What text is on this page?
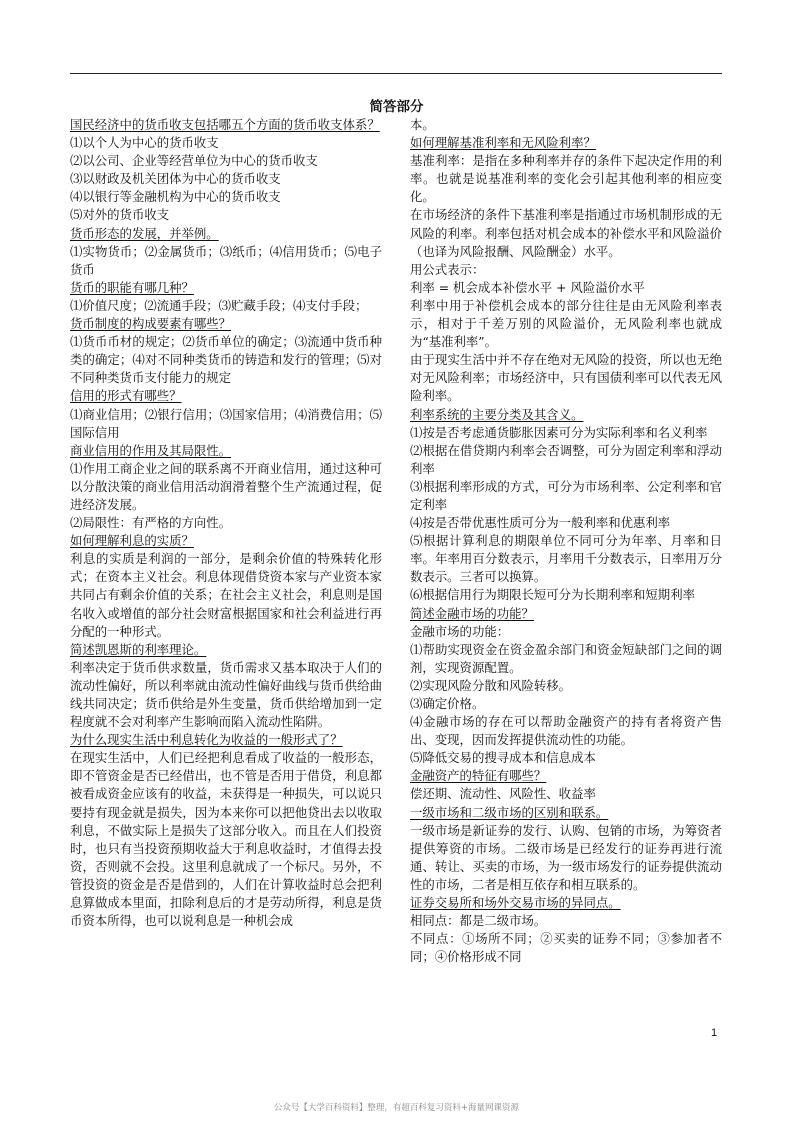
简答部分

国民经济中的货币收支包括哪五个方面的货币收支体系？

⑴以个人为中心的货币收支

⑵以公司、企业等经营单位为中心的货币收支

⑶以财政及机关团体为中心的货币收支

⑷以银行等金融机构为中心的货币收支

⑸对外的货币收支

货币形态的发展，并举例。

⑴实物货币；⑵金属货币；⑶纸币；⑷信用货币；⑸电子货币

货币的职能有哪几种？

⑴价值尺度；⑵流通手段；⑶贮藏手段；⑷支付手段；

货币制度的构成要素有哪些？

⑴货币币材的规定；⑵货币单位的确定；⑶流通中货币种类的确定；⑷对不同种类货币的铸造和发行的管理；⑸对不同种类货币支付能力的规定

信用的形式有哪些？

⑴商业信用；⑵银行信用；⑶国家信用；⑷消费信用；⑸国际信用

商业信用的作用及其局限性。

⑴作用工商企业之间的联系离不开商业信用，通过这种可以分散決策的商业信用活动润滑着整个生产流通过程，促进经济发展。

⑵局限性：有严格的方向性。

如何理解利息的实质？

利息的实质是利润的一部分，是剩余价值的特殊转化形式；在资本主义社会。利息体现借贷资本家与产业资本家共同占有剩余价值的关系；在社会主义社会，利息则是国名收入或增值的部分社会财富根据国家和社会利益进行再分配的一种形式。

简述凯恩斯的利率理论。

利率决定于货币供求数量，货币需求又基本取决于人们的流动性偏好，所以利率就由流动性偏好曲线与货币供给曲线共同决定；货币供给是外生变量，货币供给增加到一定程度就不会对利率产生影响而陷入流动性陷阱。

为什么现实生活中利息转化为收益的一般形式了？

在现实生活中，人们已经把利息看成了收益的一般形态，即不管资金是否已经借出，也不管是否用于借贷，利息都被看成资金应该有的收益，未获得是一种损失，可以说只要持有现金就是损失，因为本来你可以把他贷出去以收取利息，不做实际上是损失了这部分收入。而且在人们投资时，也只有当投资预期收益大于利息收益时，才值得去投资，否则就不会投。这里利息就成了一个标尺。另外，不管投资的资金是否是借到的，人们在计算收益时总会把利息算做成本里面，扣除利息后的才是劳动所得，利息是货币资本所得，也可以说利息是一种机会成

本。

如何理解基准利率和无风险利率？

基准利率：是指在多种利率并存的条件下起决定作用的利率。也就是说基准利率的变化会引起其他利率的相应变化。

在市场经济的条件下基准利率是指通过市场机制形成的无风险的利率。利率包括对机会成本的补偿水平和风险溢价（也译为风险报酬、风险酬金）水平。

用公式表示：

利率 = 机会成本补偿水平 + 风险溢价水平

利率中用于补偿机会成本的部分往往是由无风险利率表示，相对于千差万别的风险溢价，无风险利率也就成为“基准利率”。

由于现实生活中并不存在绝对无风险的投资，所以也无绝对无风险利率；市场经济中，只有国债利率可以代表无风险利率。

利率系统的主要分类及其含义。

⑴按是否考虑通货膨胀因素可分为实际利率和名义利率

⑵根据在借贷期内利率会否调整，可分为固定利率和浮动利率

⑶根据利率形成的方式，可分为市场利率、公定利率和官定利率

⑷按是否带优惠性质可分为一般利率和优惠利率

⑸根据计算利息的期限单位不同可分为年率、月率和日率。年率用百分数表示，月率用千分数表示，日率用万分数表示。三者可以换算。

⑹根据信用行为期限长短可分为长期利率和短期利率

简述金融市场的功能？

金融市场的功能：

⑴帮助实现资金在资金盈余部门和资金短缺部门之间的调剂，实现资源配置。

⑵实现风险分散和风险转移。

⑶确定价格。

⑷金融市场的存在可以帮助金融资产的持有者将资产售出、变现，因而发挥提供流动性的功能。

⑸降低交易的搜寻成本和信息成本

金融资产的特征有哪些？

偿还期、流动性、风险性、收益率

一级市场和二级市场的区别和联系。

一级市场是新证券的发行、认购、包销的市场，为筹资者提供筹资的市场。二级市场是已经发行的证券再进行流通、转让、买卖的市场，为一级市场发行的证券提供流动性的市场，二者是相互依存和相互联系的。

证券交易所和场外交易市场的异同点。

相同点：都是二级市场。

不同点：①场所不同；②买卖的证券不同；③参加者不同；④价格形成不同

1
公众号【大学百科资料】整理，有超百科复习资料+海量网课资源
